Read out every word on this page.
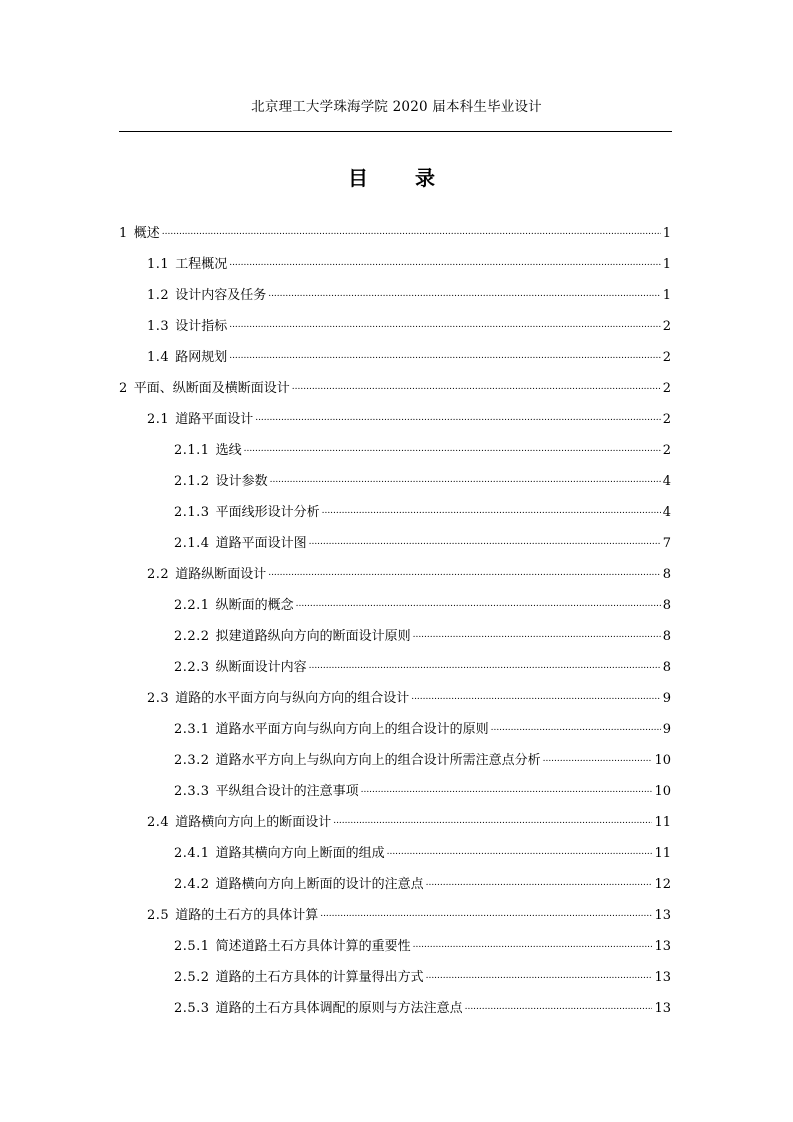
北京理工大学珠海学院 2020 届本科生毕业设计
目 录
1 概述 .....	1
1.1 工程概况 .....	1
1.2 设计内容及任务 .....	1
1.3 设计指标 .....	2
1.4 路网规划 .....	2
2 平面、纵断面及横断面设计 .....	2
2.1 道路平面设计 .....	2
2.1.1 选线 .....	2
2.1.2 设计参数 .....	4
2.1.3 平面线形设计分析 .....	4
2.1.4 道路平面设计图 .....	7
2.2 道路纵断面设计 .....	8
2.2.1 纵断面的概念 .....	8
2.2.2 拟建道路纵向方向的断面设计原则 .....	8
2.2.3 纵断面设计内容 .....	8
2.3 道路的水平面方向与纵向方向的组合设计 .....	9
2.3.1 道路水平面方向与纵向方向上的组合设计的原则 .....	9
2.3.2 道路水平方向上与纵向方向上的组合设计所需注意点分析 .....	10
2.3.3 平纵组合设计的注意事项 .....	10
2.4 道路横向方向上的断面设计 .....	11
2.4.1 道路其横向方向上断面的组成 .....	11
2.4.2 道路横向方向上断面的设计的注意点 .....	12
2.5 道路的土石方的具体计算 .....	13
2.5.1 简述道路土石方具体计算的重要性 .....	13
2.5.2 道路的土石方具体的计算量得出方式 .....	13
2.5.3 道路的土石方具体调配的原则与方法注意点 .....	13
